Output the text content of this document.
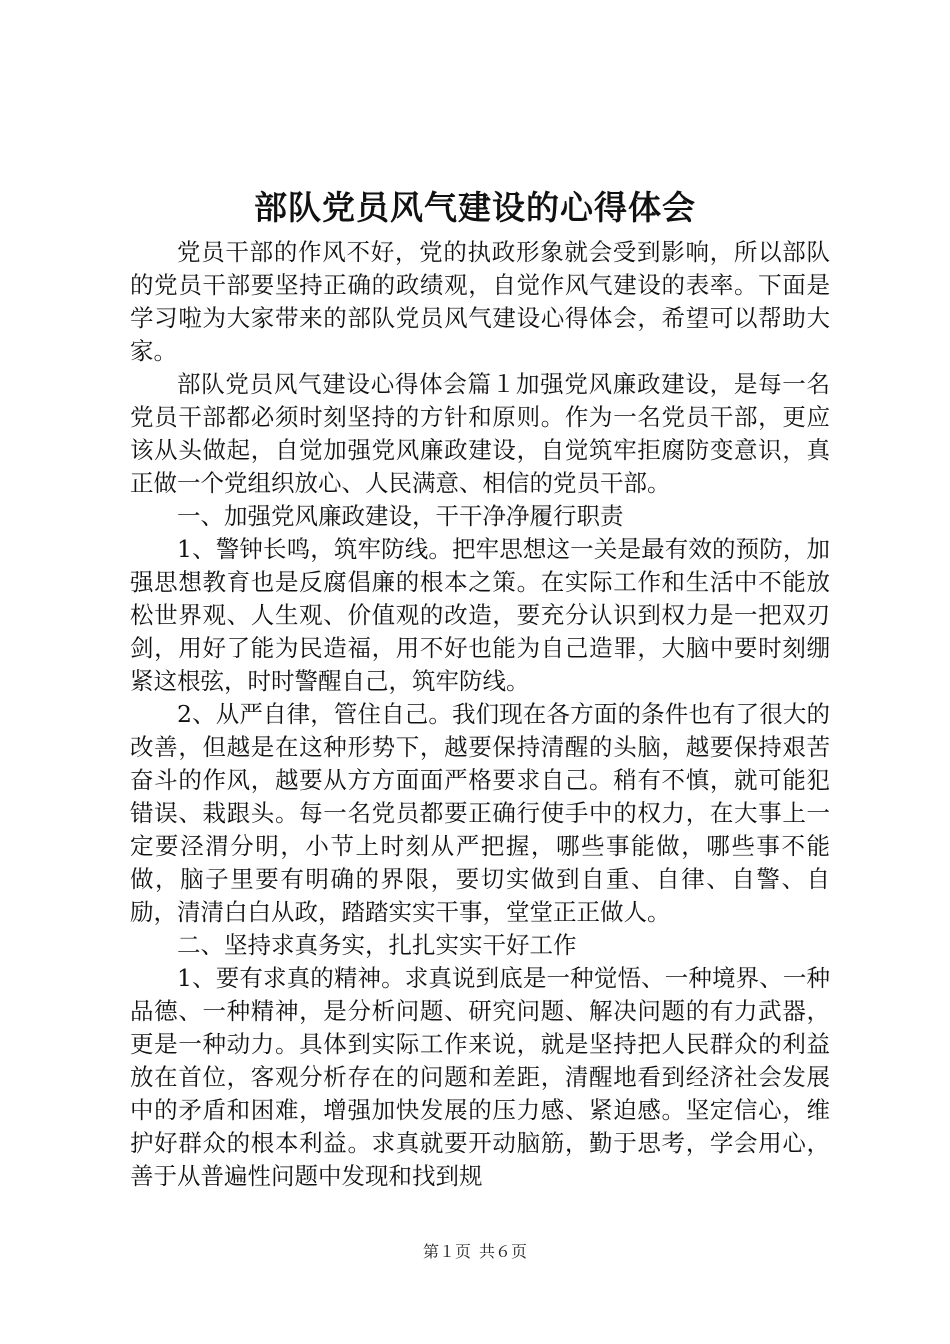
部队党员风气建设的心得体会

党员干部的作风不好，党的执政形象就会受到影响，所以部队的党员干部要坚持正确的政绩观，自觉作风气建设的表率。下面是学习啦为大家带来的部队党员风气建设心得体会，希望可以帮助大家。

部队党员风气建设心得体会篇１加强党风廉政建设，是每一名党员干部都必须时刻坚持的方针和原则。作为一名党员干部，更应该从头做起，自觉加强党风廉政建设，自觉筑牢拒腐防变意识，真正做一个党组织放心、人民满意、相信的党员干部。

一、加强党风廉政建设，干干净净履行职责

1、警钟长鸣，筑牢防线。把牢思想这一关是最有效的预防，加强思想教育也是反腐倡廉的根本之策。在实际工作和生活中不能放松世界观、人生观、价值观的改造，要充分认识到权力是一把双刃剑，用好了能为民造福，用不好也能为自己造罪，大脑中要时刻绷紧这根弦，时时警醒自己，筑牢防线。

2、从严自律，管住自己。我们现在各方面的条件也有了很大的改善，但越是在这种形势下，越要保持清醒的头脑，越要保持艰苦奋斗的作风，越要从方方面面严格要求自己。稍有不慎，就可能犯错误、栽跟头。每一名党员都要正确行使手中的权力，在大事上一定要泾渭分明，小节上时刻从严把握，哪些事能做，哪些事不能做，脑子里要有明确的界限，要切实做到自重、自律、自警、自励，清清白白从政，踏踏实实干事，堂堂正正做人。

二、坚持求真务实，扎扎实实干好工作

1、要有求真的精神。求真说到底是一种觉悟、一种境界、一种品德、一种精神，是分析问题、研究问题、解决问题的有力武器，更是一种动力。具体到实际工作来说，就是坚持把人民群众的利益放在首位，客观分析存在的问题和差距，清醒地看到经济社会发展中的矛盾和困难，增强加快发展的压力感、紧迫感。坚定信心，维护好群众的根本利益。求真就要开动脑筋，勤于思考，学会用心，善于从普遍性问题中发现和找到规

第１页 共６页
